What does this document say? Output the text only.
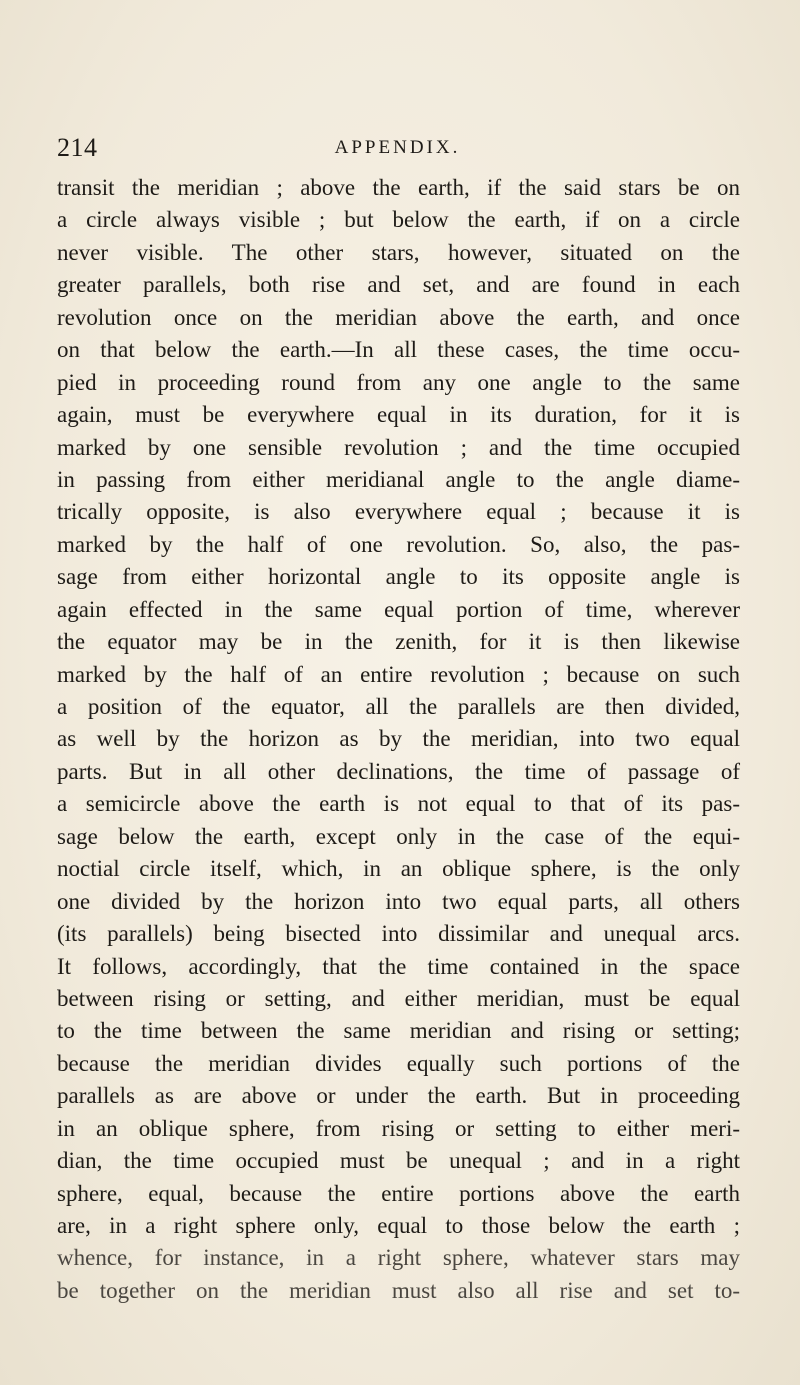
214	APPENDIX.
transit the meridian ; above the earth, if the said stars be on
a circle always visible ; but below the earth, if on a circle
never visible. The other stars, however, situated on the
greater parallels, both rise and set, and are found in each
revolution once on the meridian above the earth, and once
on that below the earth.—In all these cases, the time occu-
pied in proceeding round from any one angle to the same
again, must be everywhere equal in its duration, for it is
marked by one sensible revolution ; and the time occupied
in passing from either meridianal angle to the angle diame-
trically opposite, is also everywhere equal ; because it is
marked by the half of one revolution. So, also, the pas-
sage from either horizontal angle to its opposite angle is
again effected in the same equal portion of time, wherever
the equator may be in the zenith, for it is then likewise
marked by the half of an entire revolution ; because on such
a position of the equator, all the parallels are then divided,
as well by the horizon as by the meridian, into two equal
parts. But in all other declinations, the time of passage of
a semicircle above the earth is not equal to that of its pas-
sage below the earth, except only in the case of the equi-
noctial circle itself, which, in an oblique sphere, is the only
one divided by the horizon into two equal parts, all others
(its parallels) being bisected into dissimilar and unequal arcs.
It follows, accordingly, that the time contained in the space
between rising or setting, and either meridian, must be equal
to the time between the same meridian and rising or setting;
because the meridian divides equally such portions of the
parallels as are above or under the earth. But in proceeding
in an oblique sphere, from rising or setting to either meri-
dian, the time occupied must be unequal ; and in a right
sphere, equal, because the entire portions above the earth
are, in a right sphere only, equal to those below the earth ;
whence, for instance, in a right sphere, whatever stars may
be together on the meridian must also all rise and set to-
